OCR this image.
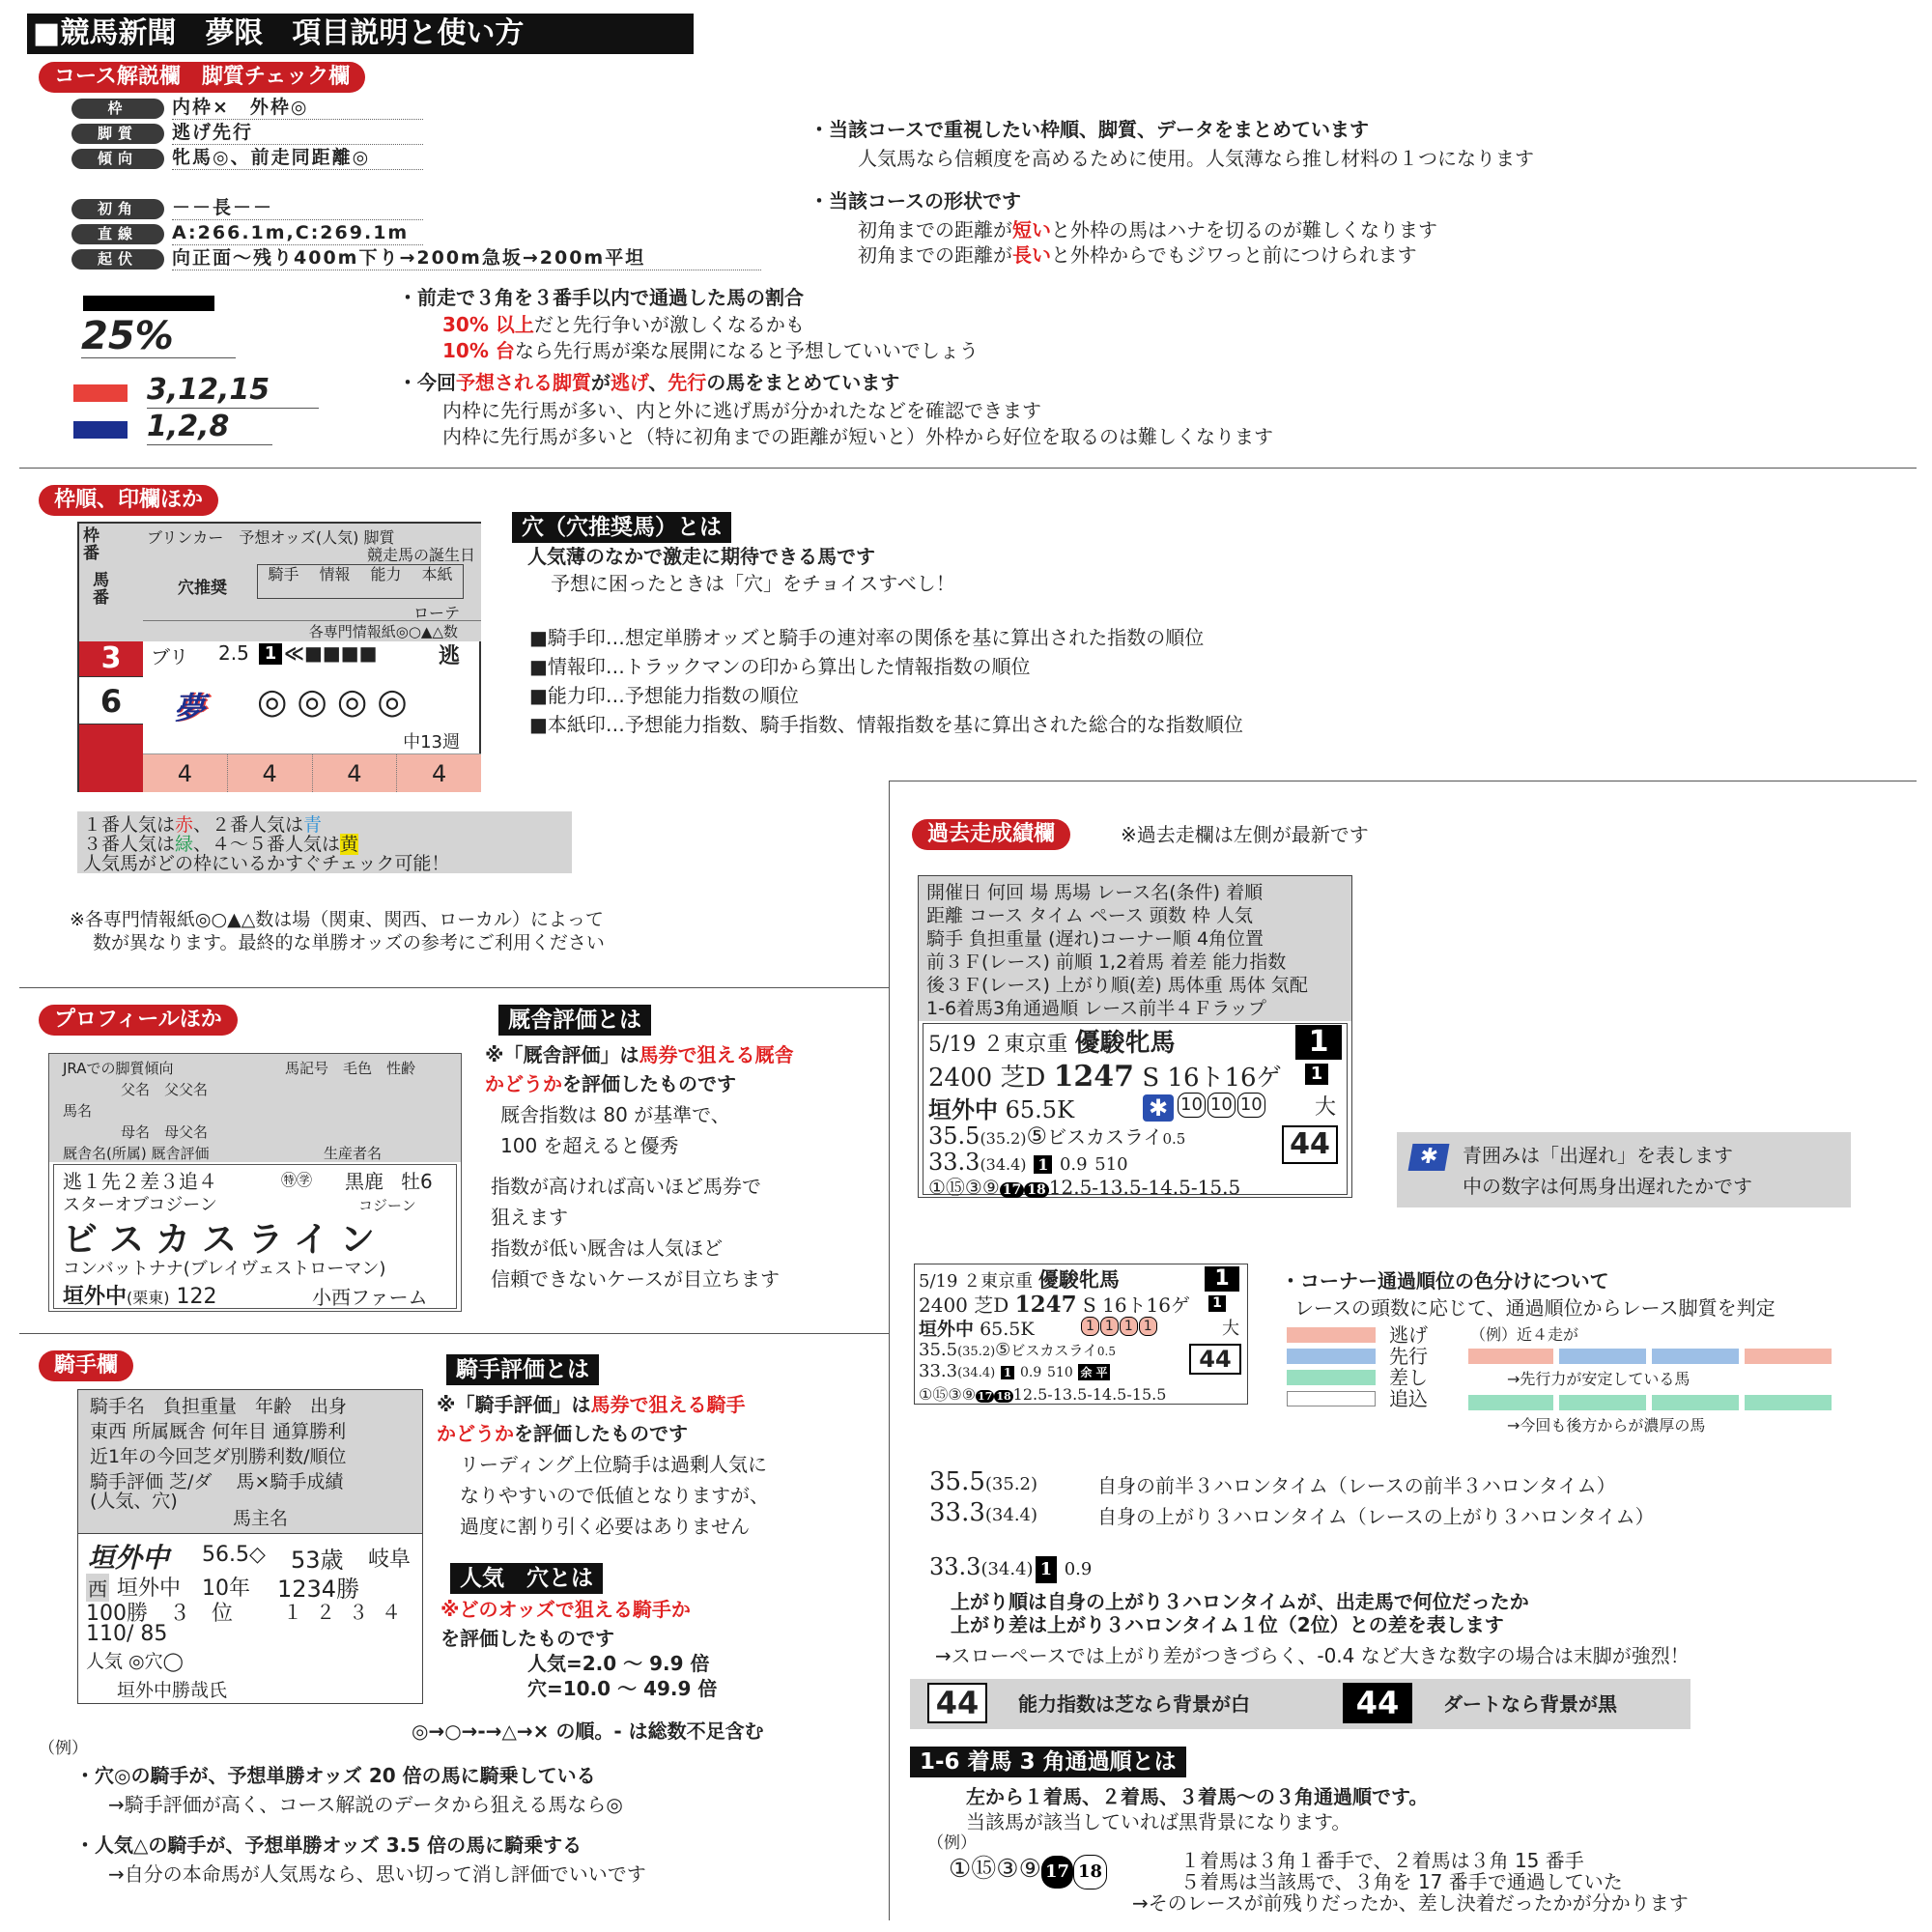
■競馬新聞　夢限　項目説明と使い方
コース解説欄　脚質チェック欄
枠 内枠×　外枠◎
脚質 逃げ先行
傾向 牝馬◎、前走同距離◎
初角 －－長－－
直線 A:266.1m,C:269.1m
起伏 向正面～残り400m下り→200m急坂→200m平坦
・当該コースで重視したい枠順、脚質、データをまとめています
人気馬なら信頼度を高めるために使用。人気薄なら推し材料の１つになります
・当該コースの形状です
初角までの距離が短いと外枠の馬はハナを切るのが難しくなります
初角までの距離が長いと外枠からでもジワっと前につけられます
25%
・前走で３角を３番手以内で通過した馬の割合
30% 以上だと先行争いが激しくなるかも
10% 台なら先行馬が楽な展開になると予想していいでしょう
3,12,15
1,2,8
・今回予想される脚質が逃げ、先行の馬をまとめています
内枠に先行馬が多い、内と外に逃げ馬が分かれたなどを確認できます
内枠に先行馬が多いと（特に初角までの距離が短いと）外枠から好位を取るのは難しくなります
枠順、印欄ほか
枠番
馬番
ブリンカー　予想オッズ(人気) 脚質
競走馬の誕生日
穴推奨
騎手	情報	能力	本紙
ローテ
各専門情報紙◎○▲△数
3
6
ブリ 2.5 1 ≪■■■■	逃
夢 ◎ ◎ ◎ ◎
中13週
4	4	4	4
１番人気は赤、２番人気は青
３番人気は緑、４～５番人気は黄
人気馬がどの枠にいるかすぐチェック可能！
※各専門情報紙◎○▲△数は場（関東、関西、ローカル）によって
数が異なります。最終的な単勝オッズの参考にご利用ください
穴（穴推奨馬）とは
人気薄のなかで激走に期待できる馬です
予想に困ったときは「穴」をチョイスすべし！
■騎手印…想定単勝オッズと騎手の連対率の関係を基に算出された指数の順位
■情報印…トラックマンの印から算出した情報指数の順位
■能力印…予想能力指数の順位
■本紙印…予想能力指数、騎手指数、情報指数を基に算出された総合的な指数順位
プロフィールほか
JRAでの脚質傾向	馬記号　毛色　性齢
父名　父父名
馬名
母名　母父名
厩舎名(所属) 厩舎評価	生産者名
逃１先２差３追４	㊕㊫ 黒鹿 牡6
スターオブコジーン	コジーン
ビスカスライン
コンバットナナ(ブレイヴェストローマン)
垣外中(栗東) 122	小西ファーム
厩舎評価とは
※「厩舎評価」は馬券で狙える厩舎
かどうかを評価したものです
厩舎指数は 80 が基準で、
100 を超えると優秀
指数が高ければ高いほど馬券で
狙えます
指数が低い厩舎は人気ほど
信頼できないケースが目立ちます
騎手欄
騎手名　負担重量　年齢　出身
東西 所属厩舎 何年目 通算勝利
近1年の今回芝ダ別勝利数/順位
騎手評価 芝/ダ　 馬×騎手成績
(人気、穴)
馬主名
垣外中 56.5◇ 53歳 岐阜
西 垣外中 10年 1234勝
100勝　３　位	１２３４
110/ 85
人気 ◎穴◯
垣外中勝哉氏
騎手評価とは
※「騎手評価」は馬券で狙える騎手
かどうかを評価したものです
リーディング上位騎手は過剰人気に
なりやすいので低値となりますが、
過度に割り引く必要はありません
人気　穴とは
※どのオッズで狙える騎手か
を評価したものです
人気=2.0 ～ 9.9 倍
穴=10.0 ～ 49.9 倍
◎→○→-→△→× の順。- は総数不足含む
（例）
・穴◎の騎手が、予想単勝オッズ 20 倍の馬に騎乗している
→騎手評価が高く、コース解説のデータから狙える馬なら◎
・人気△の騎手が、予想単勝オッズ 3.5 倍の馬に騎乗する
→自分の本命馬が人気馬なら、思い切って消し評価でいいです
過去走成績欄	※過去走欄は左側が最新です
開催日 何回 場 馬場 レース名(条件) 着順
距離 コース タイム ペース 頭数 枠 人気
騎手 負担重量 (遅れ)コーナー順 4角位置
前３Ｆ(レース) 前順 1,2着馬 着差 能力指数
後３Ｆ(レース) 上がり順(差) 馬体重 馬体 気配
1-6着馬3角通過順 レース前半４Ｆラップ
5/19 ２東京重 優駿牝馬	1
2400 芝D 1247 S 16ト16ゲ	1
垣外中 65.5K	✱ 10 10 10 大
35.5(35.2)⑤ビスカスライ0.5	44
33.3(34.4) 1 0.9 510
①⑮③⑨ 17 18 12.5-13.5-14.5-15.5
✱	青囲みは「出遅れ」を表します
中の数字は何馬身出遅れたかです
5/19 ２東京重 優駿牝馬	1
2400 芝D 1247 S 16ト16ゲ 1
垣外中 65.5K	1 1 1 1	大
35.5(35.2)⑤ビスカスライ0.5	44
33.3(34.4) 1 0.9 510 余 平
①⑮③⑨ 17 18 12.5-13.5-14.5-15.5
・コーナー通過順位の色分けについて
レースの頭数に応じて、通過順位からレース脚質を判定
逃げ
先行
差し
追込
（例）近４走が
→先行力が安定している馬
→今回も後方からが濃厚の馬
35.5(35.2)	自身の前半３ハロンタイム（レースの前半３ハロンタイム）
33.3(34.4)	自身の上がり３ハロンタイム（レースの上がり３ハロンタイム）
33.3(34.4) 1 0.9
上がり順は自身の上がり３ハロンタイムが、出走馬で何位だったか
上がり差は上がり３ハロンタイム１位（2位）との差を表します
→スローペースでは上がり差がつきづらく、-0.4 など大きな数字の場合は末脚が強烈！
44	能力指数は芝なら背景が白	44	ダートなら背景が黒
1-6 着馬 3 角通過順とは
左から１着馬、２着馬、３着馬～の３角通過順です。
当該馬が該当していれば黒背景になります。
（例）
①⑮③⑨ 17 18	１着馬は３角１番手で、２着馬は３角 15 番手
５着馬は当該馬で、３角を 17 番手で通過していた
→そのレースが前残りだったか、差し決着だったかが分かります
